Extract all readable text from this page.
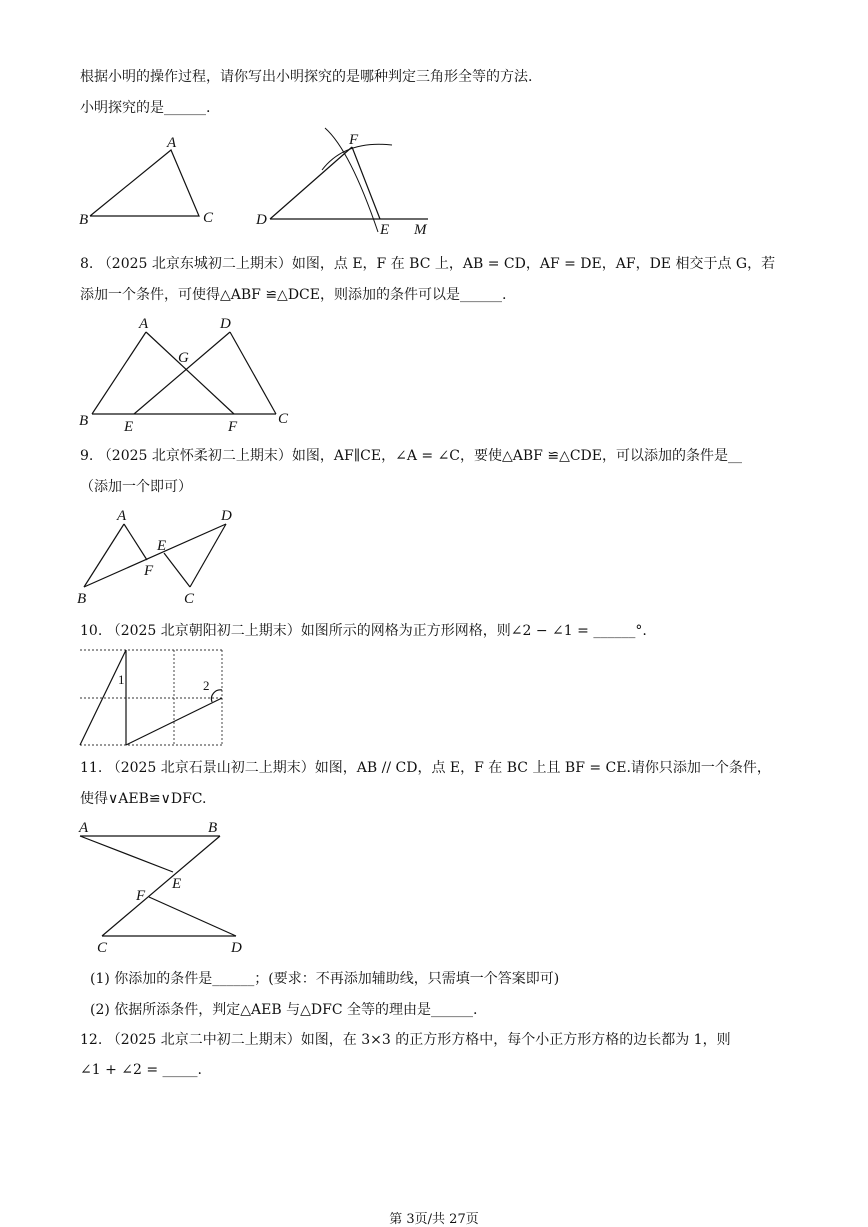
根据小明的操作过程，请你写出小明探究的是哪种判定三角形全等的方法.
小明探究的是______.
A
B	C
F
D
E M
8. （2025 北京东城初二上期末）如图，点 E，F 在 BC 上，AB = CD，AF = DE，AF，DE 相交于点 G，若
添加一个条件，可使得△ABF ≌△DCE，则添加的条件可以是______.
A	D
G
B E	F	C
9. （2025 北京怀柔初二上期末）如图，AF∥CE，∠A = ∠C，要使△ABF ≌△CDE，可以添加的条件是__
（添加一个即可）
A	D
E
F
B	C
10. （2025 北京朝阳初二上期末）如图所示的网格为正方形网格，则∠2 − ∠1 = ______°.
1	2
11. （2025 北京石景山初二上期末）如图，AB // CD，点 E，F 在 BC 上且 BF = CE.请你只添加一个条件，
使得∨AEB≌∨DFC.
A	B
E
F
C	D
(1) 你添加的条件是______；(要求：不再添加辅助线，只需填一个答案即可)
(2) 依据所添条件，判定△AEB 与△DFC 全等的理由是______.
12. （2025 北京二中初二上期末）如图，在 3×3 的正方形方格中，每个小正方形方格的边长都为 1，则
∠1 + ∠2 = _____.
第 3页/共 27页
